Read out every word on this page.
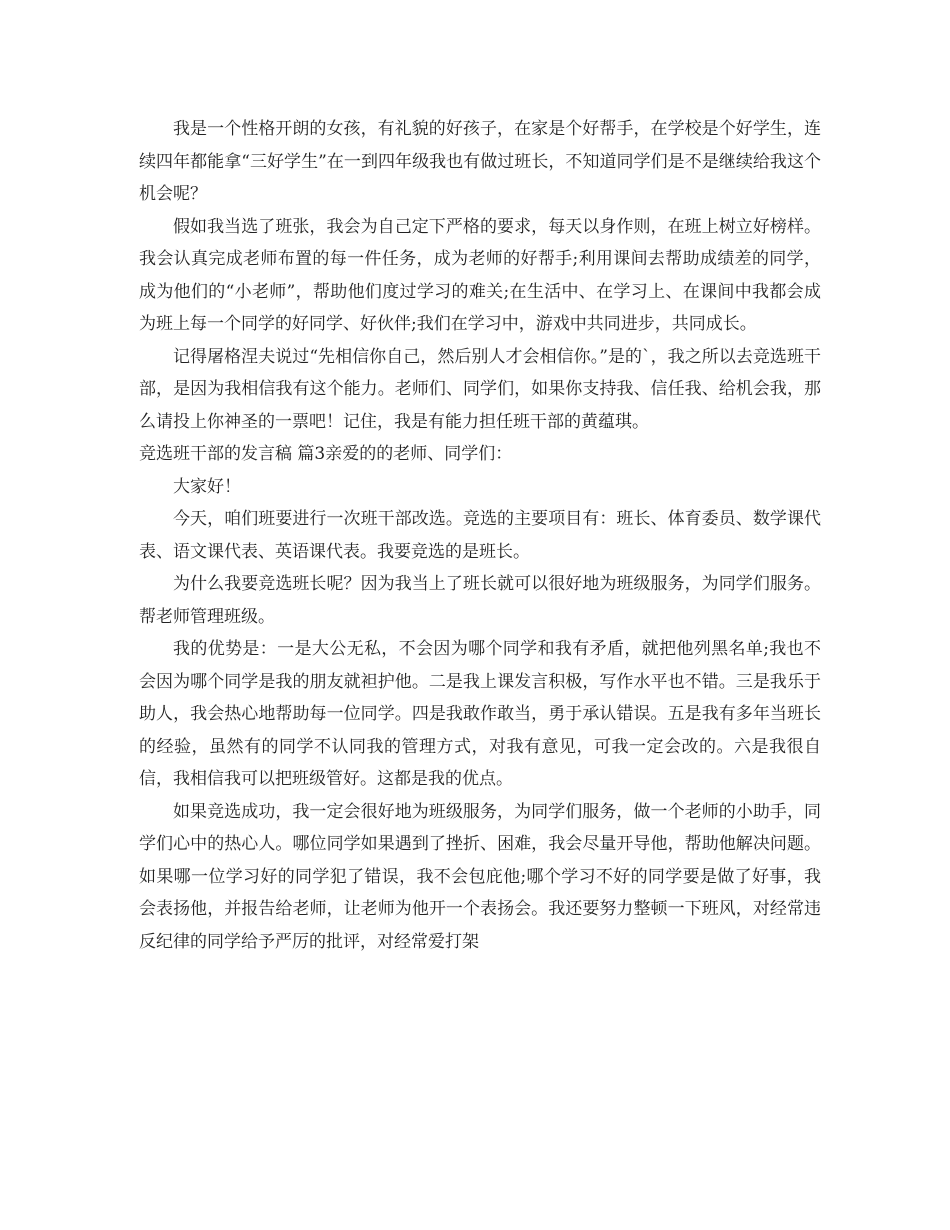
我是一个性格开朗的女孩，有礼貌的好孩子，在家是个好帮手，在学校是个好学生，连续四年都能拿“三好学生”在一到四年级我也有做过班长，不知道同学们是不是继续给我这个机会呢？

假如我当选了班张，我会为自己定下严格的要求，每天以身作则，在班上树立好榜样。我会认真完成老师布置的每一件任务，成为老师的好帮手;利用课间去帮助成绩差的同学，成为他们的“小老师”，帮助他们度过学习的难关;在生活中、在学习上、在课间中我都会成为班上每一个同学的好同学、好伙伴;我们在学习中，游戏中共同进步，共同成长。

记得屠格涅夫说过“先相信你自己，然后别人才会相信你。”是的`，我之所以去竞选班干部，是因为我相信我有这个能力。老师们、同学们，如果你支持我、信任我、给机会我，那么请投上你神圣的一票吧！记住，我是有能力担任班干部的黄蕴琪。

竞选班干部的发言稿 篇3亲爱的的老师、同学们：

大家好！

今天，咱们班要进行一次班干部改选。竞选的主要项目有：班长、体育委员、数学课代表、语文课代表、英语课代表。我要竞选的是班长。

为什么我要竞选班长呢？因为我当上了班长就可以很好地为班级服务，为同学们服务。帮老师管理班级。

我的优势是：一是大公无私，不会因为哪个同学和我有矛盾，就把他列黑名单;我也不会因为哪个同学是我的朋友就袒护他。二是我上课发言积极，写作水平也不错。三是我乐于助人，我会热心地帮助每一位同学。四是我敢作敢当，勇于承认错误。五是我有多年当班长的经验，虽然有的同学不认同我的管理方式，对我有意见，可我一定会改的。六是我很自信，我相信我可以把班级管好。这都是我的优点。

如果竞选成功，我一定会很好地为班级服务，为同学们服务，做一个老师的小助手，同学们心中的热心人。哪位同学如果遇到了挫折、困难，我会尽量开导他，帮助他解决问题。如果哪一位学习好的同学犯了错误，我不会包庇他;哪个学习不好的同学要是做了好事，我会表扬他，并报告给老师，让老师为他开一个表扬会。我还要努力整顿一下班风，对经常违反纪律的同学给予严厉的批评，对经常爱打架
